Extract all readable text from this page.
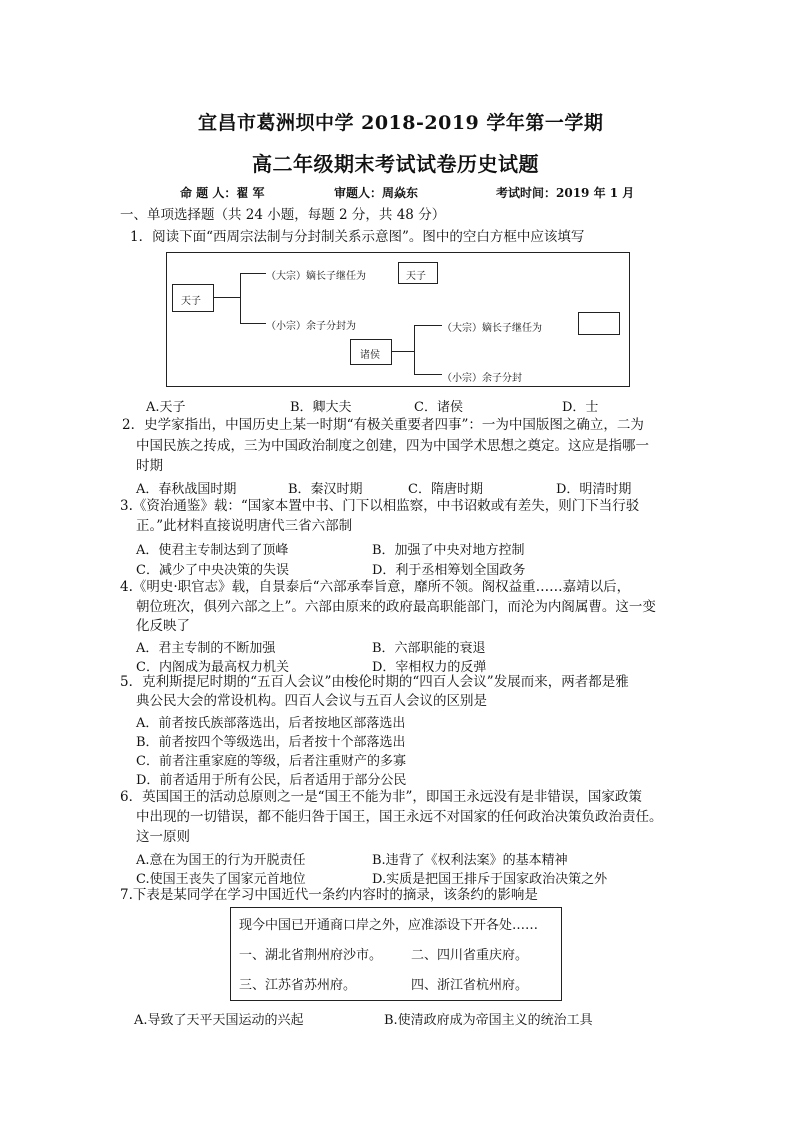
宜昌市葛洲坝中学 2018-2019 学年第一学期
高二年级期末考试试卷历史试题
命 题 人：翟 军	审题人：周焱东	考试时间：2019 年 1 月
一、单项选择题（共 24 小题，每题 2 分，共 48 分）
1．阅读下面“西周宗法制与分封制关系示意图”。图中的空白方框中应该填写
天子
（大宗）嫡长子继任为	天子
（小宗）余子分封为
诸侯
（大宗）嫡长子继任为
（小宗）余子分封
A.天子	B．卿大夫	C．诸侯	D．士
2．史学家指出，中国历史上某一时期“有极关重要者四事”：一为中国版图之确立，二为
中国民族之抟成，三为中国政治制度之创建，四为中国学术思想之奠定。这应是指哪一
时期
A．春秋战国时期	B．秦汉时期	C．隋唐时期	D．明清时期
3.《资治通鉴》载：“国家本置中书、门下以相监察，中书诏敕或有差失，则门下当行驳
正。”此材料直接说明唐代三省六部制
A．使君主专制达到了顶峰	B．加强了中央对地方控制
C．减少了中央决策的失误	D．利于丞相筹划全国政务
4.《明史·职官志》载，自景泰后“六部承奉旨意，靡所不领。阁权益重……嘉靖以后，
朝位班次，俱列六部之上”。六部由原来的政府最高职能部门，而沦为内阁属曹。这一变
化反映了
A．君主专制的不断加强	B．六部职能的衰退
C．内阁成为最高权力机关	D．宰相权力的反弹
5．克利斯提尼时期的“五百人会议”由梭伦时期的“四百人会议”发展而来，两者都是雅
典公民大会的常设机构。四百人会议与五百人会议的区别是
A．前者按氏族部落选出，后者按地区部落选出
B．前者按四个等级选出，后者按十个部落选出
C．前者注重家庭的等级，后者注重财产的多寡
D．前者适用于所有公民，后者适用于部分公民
6．英国国王的活动总原则之一是“国王不能为非”，即国王永远没有是非错误，国家政策
中出现的一切错误，都不能归咎于国王，国王永远不对国家的任何政治决策负政治责任。
这一原则
A.意在为国王的行为开脱责任	B.违背了《权利法案》的基本精神
C.使国王丧失了国家元首地位	D.实质是把国王排斥于国家政治决策之外
7.下表是某同学在学习中国近代一条约内容时的摘录，该条约的影响是
现今中国已开通商口岸之外，应准添设下开各处……
一、湖北省荆州府沙市。 二、四川省重庆府。
三、江苏省苏州府。	四、浙江省杭州府。
A.导致了天平天国运动的兴起	B.使清政府成为帝国主义的统治工具
